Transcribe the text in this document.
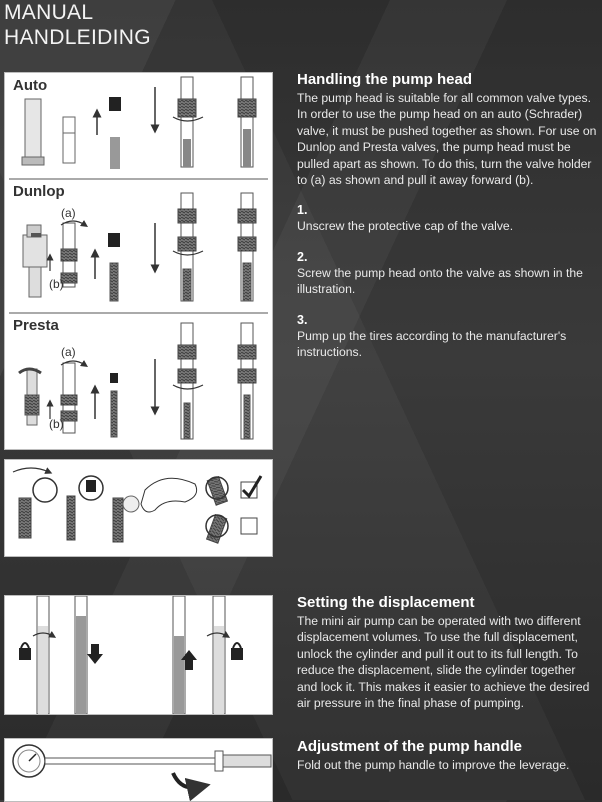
MANUAL
HANDLEIDING
Auto
Dunlop
Presta
(a)
(b)
(a)
(b)
Handling the pump head

The pump head is suitable for all common valve types. In order to use the pump head on an auto (Schrader) valve, it must be pushed together as shown. For use on Dunlop and Presta valves, the pump head must be pulled apart as shown. To do this, turn the valve holder to (a) as shown and pull it away forward (b).

1.

Unscrew the protective cap of the valve.

2.

Screw the pump head onto the valve as shown in the illustration.

3.

Pump up the tires according to the manufacturer's instructions.

Setting the displacement

The mini air pump can be operated with two different displacement volumes. To use the full displacement, unlock the cylinder and pull it out to its full length. To reduce the displacement, slide the cylinder together and lock it. This makes it easier to achieve the desired air pressure in the final phase of pumping.

Adjustment of the pump handle

Fold out the pump handle to improve the leverage.
